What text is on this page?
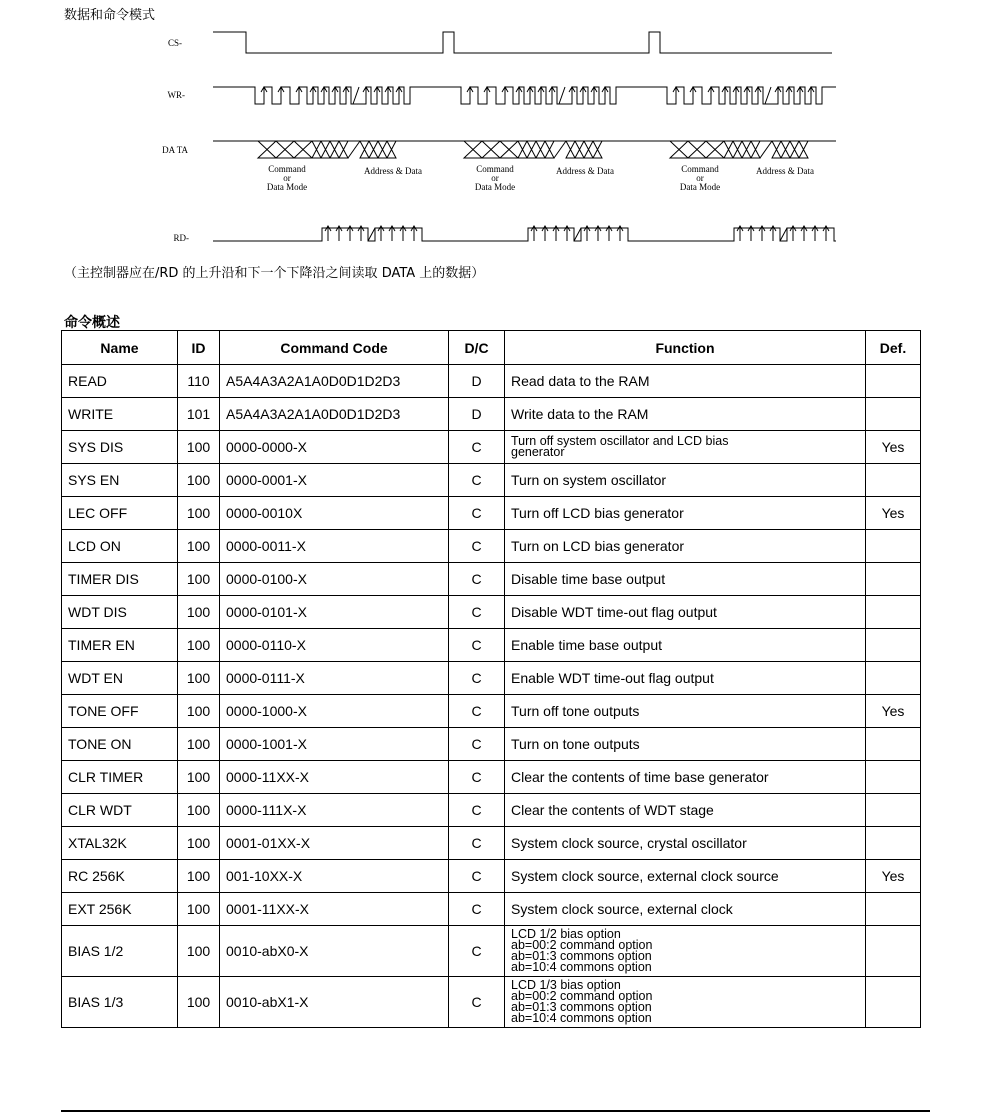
数据和命令模式
CS-
WR-
DA TA
RD-
Command
or
Data Mode
Address & Data	Command
or
Data Mode
Address & Data	Command
or
Data Mode
Address & Data
（主控制器应在/RD 的上升沿和下一个下降沿之间读取 DATA 上的数据）
命令概述
Name	ID	Command Code	D/C	Function	Def.
READ	110	A5A4A3A2A1A0D0D1D2D3	D	Read data to the RAM	

WRITE	101	A5A4A3A2A1A0D0D1D2D3	D	Write data to the RAM	

SYS DIS	100	0000-0000-X	C	Turn off system oscillator and LCD bias
generator	Yes
SYS EN	100	0000-0001-X	C	Turn on system oscillator	

LEC OFF	100	0000-0010X	C	Turn off LCD bias generator	Yes
LCD ON	100	0000-0011-X	C	Turn on LCD bias generator	

TIMER DIS	100	0000-0100-X	C	Disable time base output	

WDT DIS	100	0000-0101-X	C	Disable WDT time-out flag output	

TIMER EN	100	0000-0110-X	C	Enable time base output	

WDT EN	100	0000-0111-X	C	Enable WDT time-out flag output	

TONE OFF	100	0000-1000-X	C	Turn off tone outputs	Yes
TONE ON	100	0000-1001-X	C	Turn on tone outputs	

CLR TIMER	100	0000-11XX-X	C	Clear the contents of time base generator	

CLR WDT	100	0000-111X-X	C	Clear the contents of WDT stage	

XTAL32K	100	0001-01XX-X	C	System clock source, crystal oscillator	

RC 256K	100	001-10XX-X	C	System clock source, external clock source	Yes
EXT 256K	100	0001-11XX-X	C	System clock source, external clock	

BIAS 1/2	100	0010-abX0-X	C	LCD 1/2 bias option
ab=00:2 command option
ab=01:3 commons option
ab=10:4 commons option	

BIAS 1/3	100	0010-abX1-X	C	LCD 1/3 bias option
ab=00:2 command option
ab=01:3 commons option
ab=10:4 commons option	
